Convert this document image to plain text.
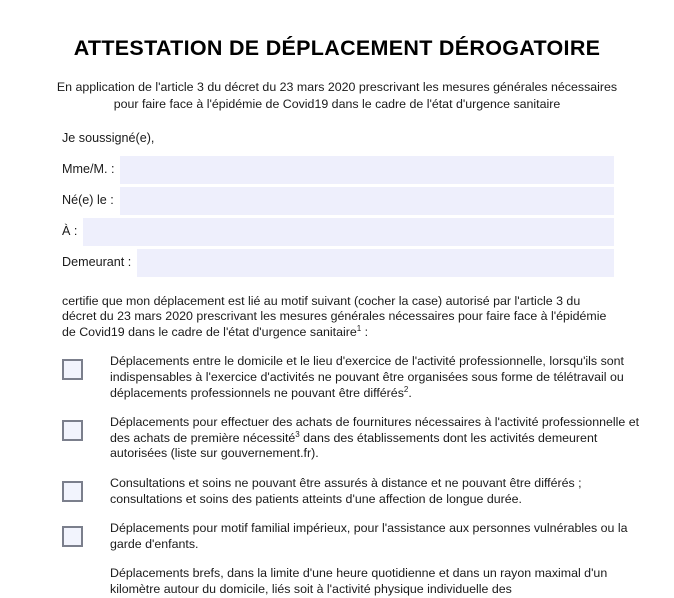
ATTESTATION DE DÉPLACEMENT DÉROGATOIRE

En application de l'article 3 du décret du 23 mars 2020 prescrivant les mesures générales nécessaires pour faire face à l'épidémie de Covid19 dans le cadre de l'état d'urgence sanitaire

Je soussigné(e),
Mme/M. :
Né(e) le :
À :
Demeurant :

certifie que mon déplacement est lié au motif suivant (cocher la case) autorisé par l'article 3 du décret du 23 mars 2020 prescrivant les mesures générales nécessaires pour faire face à l'épidémie de Covid19 dans le cadre de l'état d'urgence sanitaire$^1$ :

Déplacements entre le domicile et le lieu d'exercice de l'activité professionnelle, lorsqu'ils sont indispensables à l'exercice d'activités ne pouvant être organisées sous forme de télétravail ou déplacements professionnels ne pouvant être différés$^2$.
Déplacements pour effectuer des achats de fournitures nécessaires à l'activité professionnelle et des achats de première nécessité$^3$ dans des établissements dont les activités demeurent autorisées (liste sur gouvernement.fr).
Consultations et soins ne pouvant être assurés à distance et ne pouvant être différés ; consultations et soins des patients atteints d'une affection de longue durée.
Déplacements pour motif familial impérieux, pour l'assistance aux personnes vulnérables ou la garde d'enfants.
Déplacements brefs, dans la limite d'une heure quotidienne et dans un rayon maximal d'un kilomètre autour du domicile, liés soit à l'activité physique individuelle des
